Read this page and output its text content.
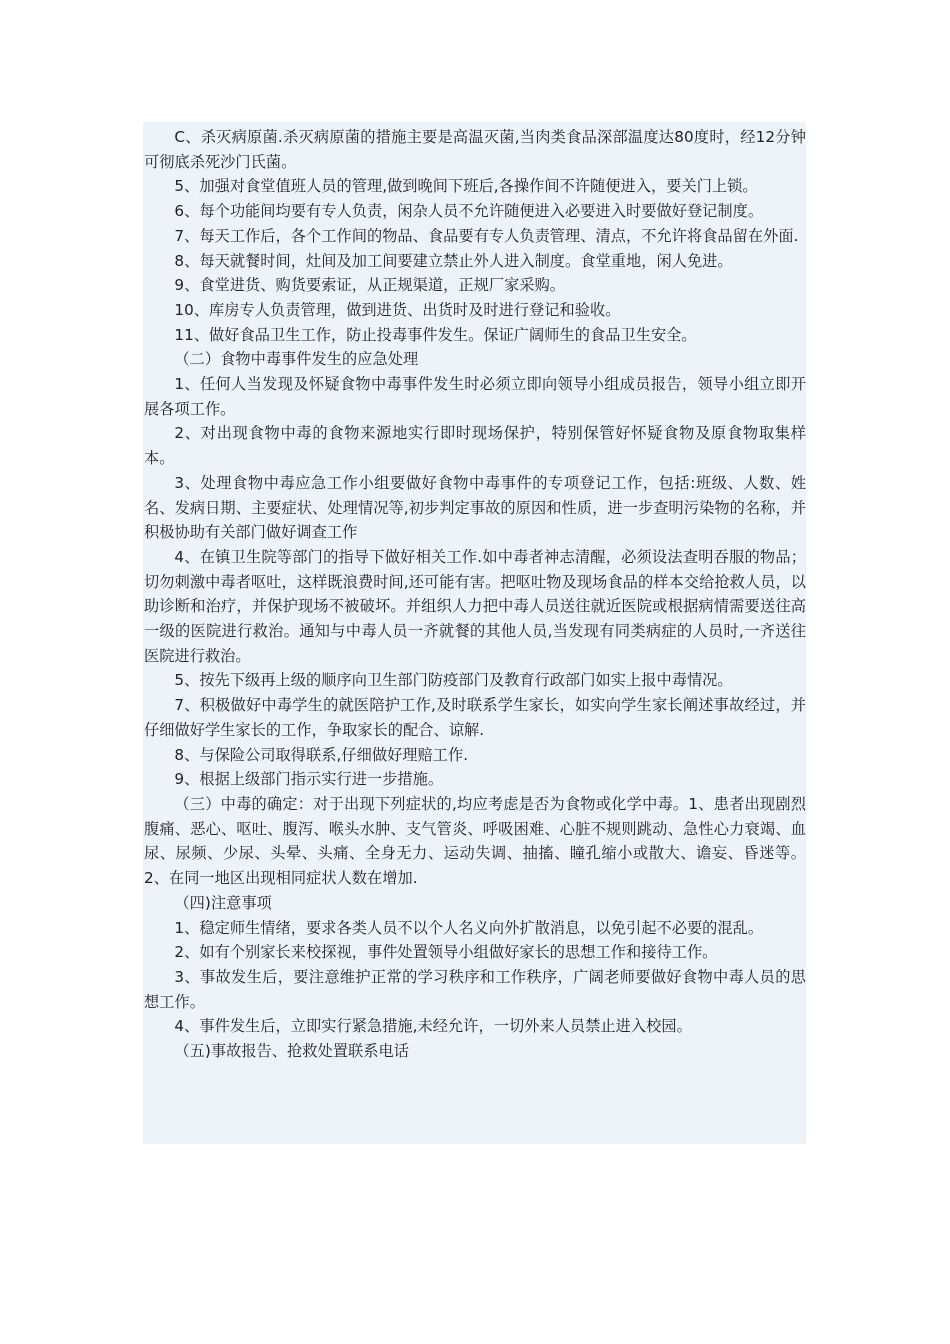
C、杀灭病原菌.杀灭病原菌的措施主要是高温灭菌,当肉类食品深部温度达80度时，经12分钟可彻底杀死沙门氏菌。

5、加强对食堂值班人员的管理,做到晚间下班后,各操作间不许随便进入，要关门上锁。

6、每个功能间均要有专人负责，闲杂人员不允许随便进入必要进入时要做好登记制度。

7、每天工作后，各个工作间的物品、食品要有专人负责管理、清点，不允许将食品留在外面.

8、每天就餐时间，灶间及加工间要建立禁止外人进入制度。食堂重地，闲人免进。

9、食堂进货、购货要索证，从正规渠道，正规厂家采购。

10、库房专人负责管理，做到进货、出货时及时进行登记和验收。

11、做好食品卫生工作，防止投毒事件发生。保证广阔师生的食品卫生安全。

（二）食物中毒事件发生的应急处理

1、任何人当发现及怀疑食物中毒事件发生时必须立即向领导小组成员报告，领导小组立即开展各项工作。

2、对出现食物中毒的食物来源地实行即时现场保护，特别保管好怀疑食物及原食物取集样本。

3、处理食物中毒应急工作小组要做好食物中毒事件的专项登记工作，包括:班级、人数、姓名、发病日期、主要症状、处理情况等,初步判定事故的原因和性质，进一步查明污染物的名称，并积极协助有关部门做好调查工作

4、在镇卫生院等部门的指导下做好相关工作.如中毒者神志清醒，必须设法查明吞服的物品；切勿刺激中毒者呕吐，这样既浪费时间,还可能有害。把呕吐物及现场食品的样本交给抢救人员，以助诊断和治疗，并保护现场不被破坏。并组织人力把中毒人员送往就近医院或根据病情需要送往高一级的医院进行救治。通知与中毒人员一齐就餐的其他人员,当发现有同类病症的人员时,一齐送往医院进行救治。

5、按先下级再上级的顺序向卫生部门防疫部门及教育行政部门如实上报中毒情况。

7、积极做好中毒学生的就医陪护工作,及时联系学生家长，如实向学生家长阐述事故经过，并仔细做好学生家长的工作，争取家长的配合、谅解.

8、与保险公司取得联系,仔细做好理赔工作.

9、根据上级部门指示实行进一步措施。

（三）中毒的确定：对于出现下列症状的,均应考虑是否为食物或化学中毒。1、患者出现剧烈腹痛、恶心、呕吐、腹泻、喉头水肿、支气管炎、呼吸困难、心脏不规则跳动、急性心力衰竭、血尿、尿频、少尿、头晕、头痛、全身无力、运动失调、抽搐、瞳孔缩小或散大、谵妄、昏迷等。2、在同一地区出现相同症状人数在增加.

（四)注意事项

1、稳定师生情绪，要求各类人员不以个人名义向外扩散消息，以免引起不必要的混乱。

2、如有个别家长来校探视，事件处置领导小组做好家长的思想工作和接待工作。

3、事故发生后，要注意维护正常的学习秩序和工作秩序，广阔老师要做好食物中毒人员的思想工作。

4、事件发生后，立即实行紧急措施,未经允许，一切外来人员禁止进入校园。

（五)事故报告、抢救处置联系电话
